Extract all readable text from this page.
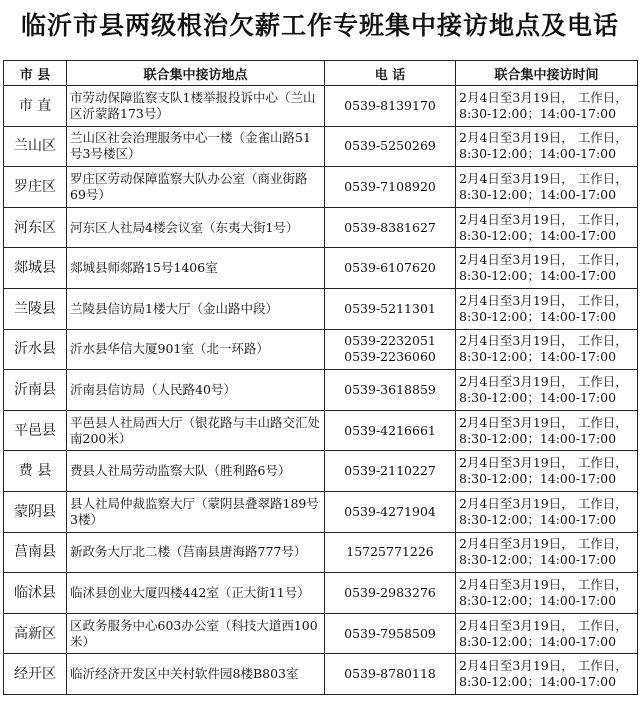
临沂市县两级根治欠薪工作专班集中接访地点及电话
市 县	联合集中接访地点	电 话	联合集中接访时间
市 直	市劳动保障监察支队1楼举报投诉中心（兰山区沂蒙路173号）	0539-8139170	2月4日至3月19日， 工作日，
8:30-12:00；14:00-17:00

兰山区	兰山区社会治理服务中心一楼（金雀山路51号3号楼区）	0539-5250269	2月4日至3月19日， 工作日，
8:30-12:00；14:00-17:00

罗庄区	罗庄区劳动保障监察大队办公室（商业街路69号）	0539-7108920	2月4日至3月19日， 工作日，
8:30-12:00；14:00-17:00

河东区	河东区人社局4楼会议室（东夷大街1号）	0539-8381627	2月4日至3月19日， 工作日，
8:30-12:00；14:00-17:00

郯城县	郯城县师郯路15号1406室	0539-6107620	2月4日至3月19日， 工作日，
8:30-12:00；14:00-17:00

兰陵县	兰陵县信访局1楼大厅（金山路中段）	0539-5211301	2月4日至3月19日， 工作日，
8:30-12:00；14:00-17:00

沂水县	沂水县华信大厦901室（北一环路）	0539-2232051
0539-2236060	2月4日至3月19日， 工作日，
8:30-12:00；14:00-17:00

沂南县	沂南县信访局（人民路40号）	0539-3618859	2月4日至3月19日， 工作日，
8:30-12:00；14:00-17:00

平邑县	平邑县人社局西大厅（银花路与丰山路交汇处南200米）	0539-4216661	2月4日至3月19日， 工作日，
8:30-12:00；14:00-17:00

费 县	费县人社局劳动监察大队（胜利路6号）	0539-2110227	2月4日至3月19日， 工作日，
8:30-12:00；14:00-17:00

蒙阴县	县人社局仲裁监察大厅（蒙阴县叠翠路189号3楼）	0539-4271904	2月4日至3月19日， 工作日，
8:30-12:00；14:00-17:00

莒南县	新政务大厅北二楼（莒南县唐海路777号）	15725771226	2月4日至3月19日， 工作日，
8:30-12:00；14:00-17:00

临沭县	临沭县创业大厦四楼442室（正大街11号）	0539-2983276	2月4日至3月19日， 工作日，
8:30-12:00；14:00-17:00

高新区	区政务服务中心603办公室（科技大道西100米）	0539-7958509	2月4日至3月19日， 工作日，
8:30-12:00；14:00-17:00

经开区	临沂经济开发区中关村软件园8楼B803室	0539-8780118	2月4日至3月19日， 工作日，
8:30-12:00；14:00-17:00
